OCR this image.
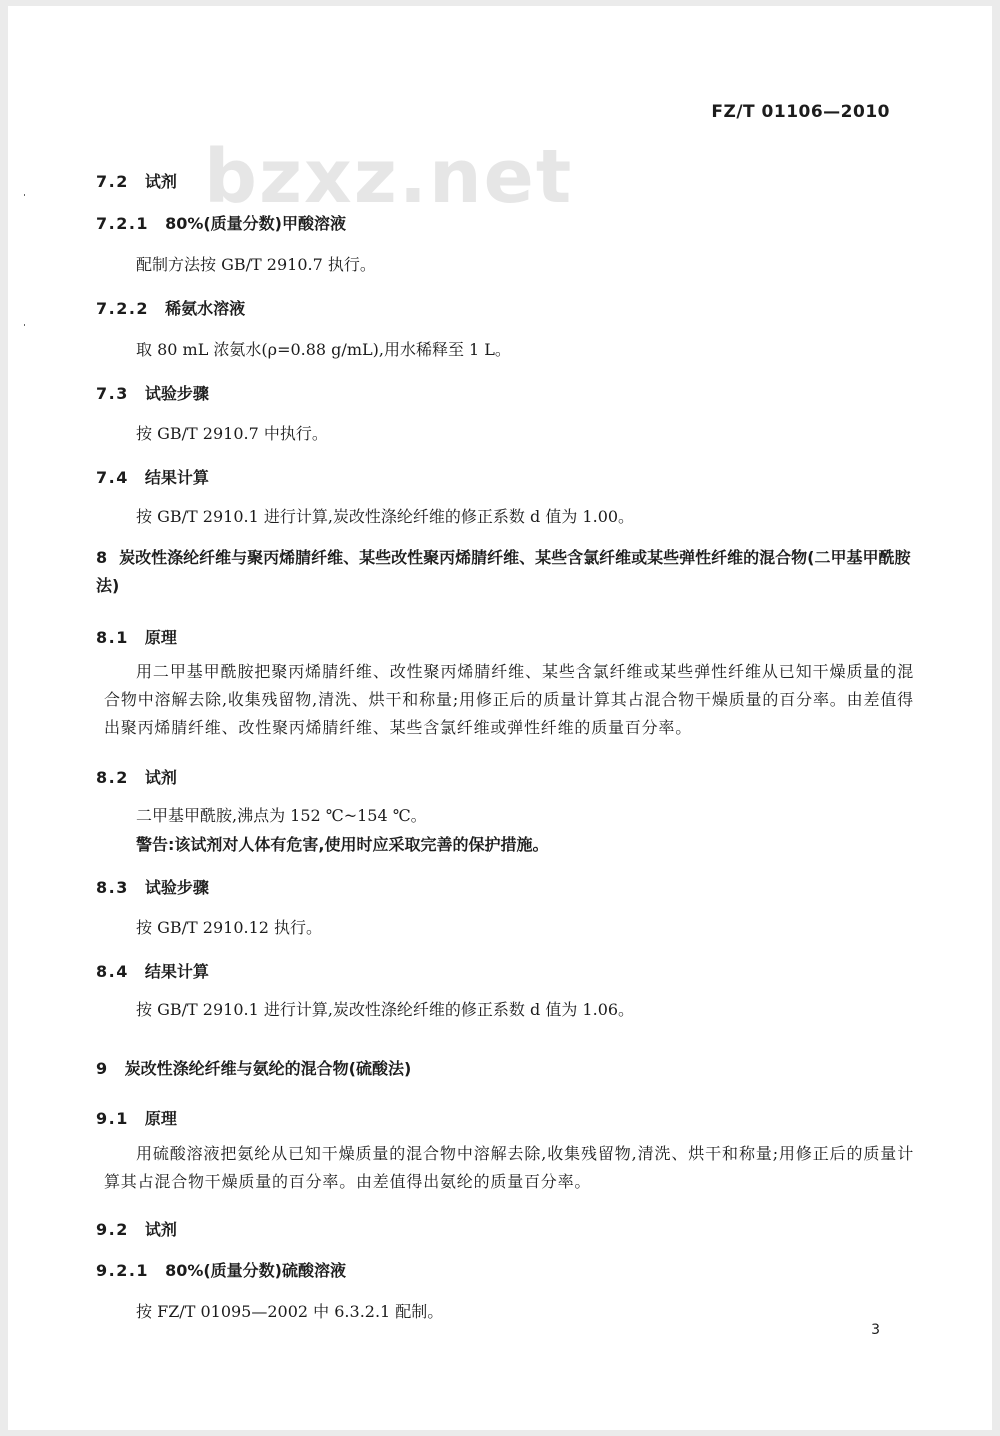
bzxz.net
FZ/T 01106—2010
7.2 试剂
7.2.1 80%(质量分数)甲酸溶液
配制方法按 GB/T 2910.7 执行。
7.2.2 稀氨水溶液
取 80 mL 浓氨水(ρ=0.88 g/mL),用水稀释至 1 L。
7.3 试验步骤
按 GB/T 2910.7 中执行。
7.4 结果计算
按 GB/T 2910.1 进行计算,炭改性涤纶纤维的修正系数 d 值为 1.00。
8 炭改性涤纶纤维与聚丙烯腈纤维、某些改性聚丙烯腈纤维、某些含氯纤维或某些弹性纤维的混合物(二甲基甲酰胺法)
8.1 原理
用二甲基甲酰胺把聚丙烯腈纤维、改性聚丙烯腈纤维、某些含氯纤维或某些弹性纤维从已知干燥质量的混合物中溶解去除,收集残留物,清洗、烘干和称量;用修正后的质量计算其占混合物干燥质量的百分率。由差值得出聚丙烯腈纤维、改性聚丙烯腈纤维、某些含氯纤维或弹性纤维的质量百分率。
8.2 试剂
二甲基甲酰胺,沸点为 152 ℃~154 ℃。
警告:该试剂对人体有危害,使用时应采取完善的保护措施。
8.3 试验步骤
按 GB/T 2910.12 执行。
8.4 结果计算
按 GB/T 2910.1 进行计算,炭改性涤纶纤维的修正系数 d 值为 1.06。
9 炭改性涤纶纤维与氨纶的混合物(硫酸法)
9.1 原理
用硫酸溶液把氨纶从已知干燥质量的混合物中溶解去除,收集残留物,清洗、烘干和称量;用修正后的质量计算其占混合物干燥质量的百分率。由差值得出氨纶的质量百分率。
9.2 试剂
9.2.1 80%(质量分数)硫酸溶液
按 FZ/T 01095—2002 中 6.3.2.1 配制。
3
